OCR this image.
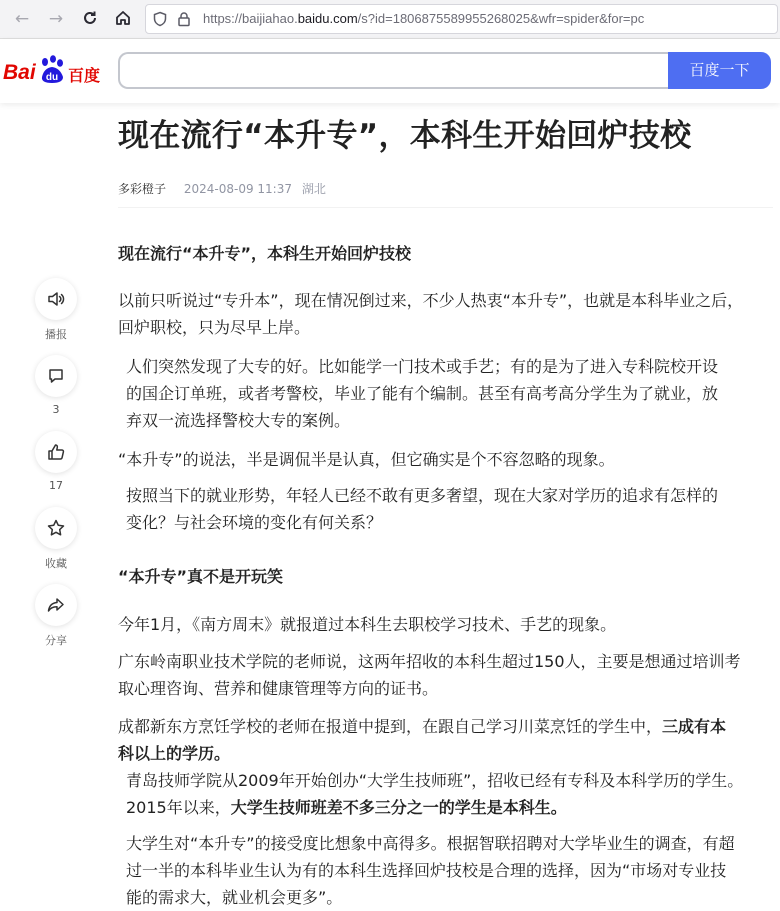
← →	https://baijiahao.baidu.com/s?id=1806875589955268025&wfr=spider&for=pc
Bai du 百度	百度一下
现在流行“本升专”，本科生开始回炉技校
多彩橙子 2024-08-09 11:37 湖北
播报
3
17
收藏
分享
现在流行“本升专”，本科生开始回炉技校
以前只听说过“专升本”，现在情况倒过来，不少人热衷“本升专”，也就是本科毕业之后，
回炉职校，只为尽早上岸。
人们突然发现了大专的好。比如能学一门技术或手艺；有的是为了进入专科院校开设
的国企订单班，或者考警校，毕业了能有个编制。甚至有高考高分学生为了就业，放
弃双一流选择警校大专的案例。
“本升专”的说法，半是调侃半是认真，但它确实是个不容忽略的现象。
按照当下的就业形势，年轻人已经不敢有更多奢望，现在大家对学历的追求有怎样的
变化？与社会环境的变化有何关系？
“本升专”真不是开玩笑
今年1月，《南方周末》就报道过本科生去职校学习技术、手艺的现象。
广东岭南职业技术学院的老师说，这两年招收的本科生超过150人，主要是想通过培训考
取心理咨询、营养和健康管理等方向的证书。
成都新东方烹饪学校的老师在报道中提到，在跟自己学习川菜烹饪的学生中，三成有本
科以上的学历。
青岛技师学院从2009年开始创办“大学生技师班”，招收已经有专科及本科学历的学生。
2015年以来，大学生技师班差不多三分之一的学生是本科生。
大学生对“本升专”的接受度比想象中高得多。根据智联招聘对大学毕业生的调查，有超
过一半的本科毕业生认为有的本科生选择回炉技校是合理的选择，因为“市场对专业技
能的需求大，就业机会更多”。
